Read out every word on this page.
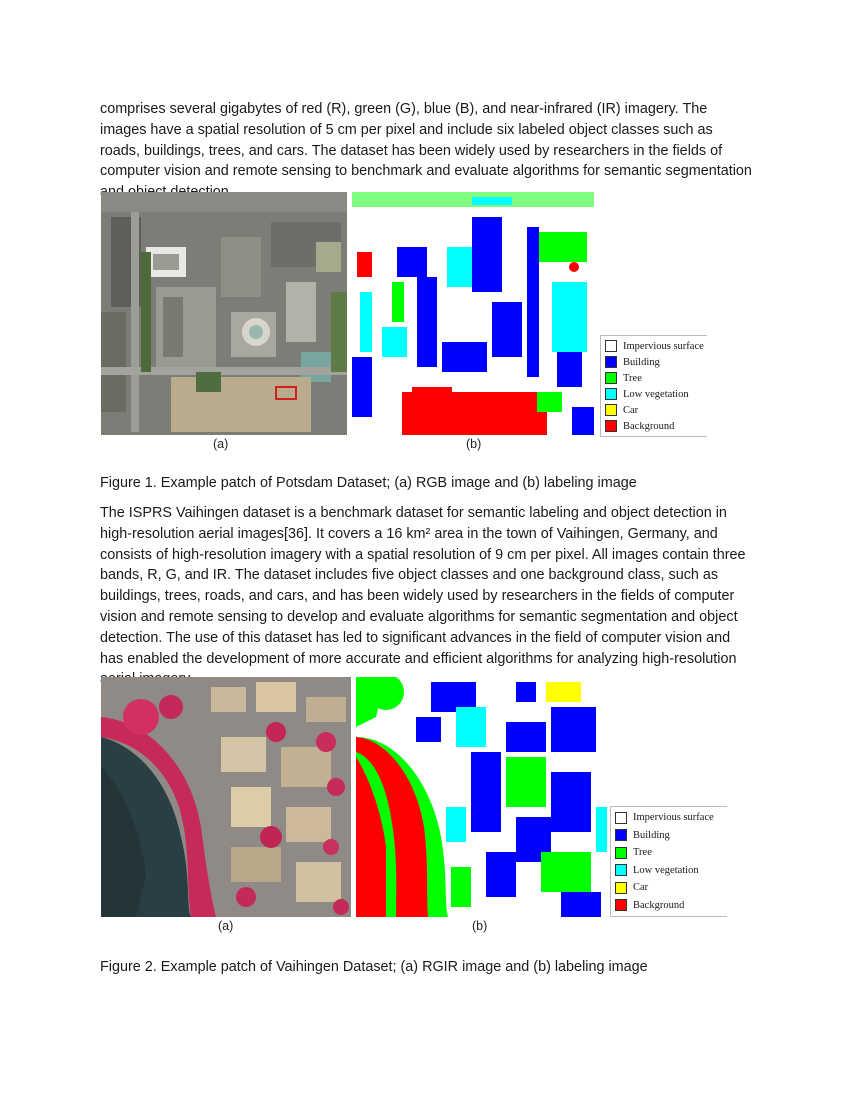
comprises several gigabytes of red (R), green (G), blue (B), and near-infrared (IR) imagery. The images have a spatial resolution of 5 cm per pixel and include six labeled object classes such as roads, buildings, trees, and cars. The dataset has been widely used by researchers in the fields of computer vision and remote sensing to benchmark and evaluate algorithms for semantic segmentation

Impervious surface
Building
Tree
Low vegetation
Car
Background
(a)	(b)

Figure 1. Example patch of Potsdam Dataset; (a) RGB image and (b) labeling image

The ISPRS Vaihingen dataset is a benchmark dataset for semantic labeling and object detection in high-resolution aerial images[36]. It covers a 16 km² area in the town of Vaihingen, Germany, and consists of high-resolution imagery with a spatial resolution of 9 cm per pixel. All images contain three bands, R, G, and IR. The dataset includes five object classes and one background class, such as buildings, trees, roads, and cars, and has been widely used by researchers in the fields of computer vision and remote sensing to develop and evaluate algorithms for semantic segmentation and object detection. The use of this dataset has led to significant advances in the field of computer vision and has enabled the development of more accurate and efficient algorithms for analyzing high-resolution

Impervious surface
Building
Tree
Low vegetation
Car
Background
(a)	(b)

Figure 2. Example patch of Vaihingen Dataset; (a) RGIR image and (b) labeling image
